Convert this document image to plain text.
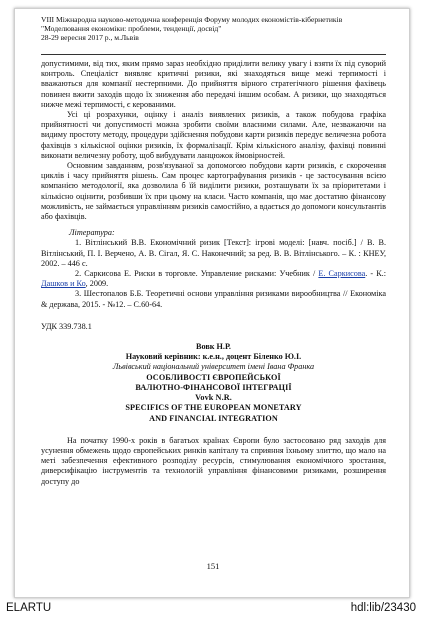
VIII Міжнародна науково-методична конференція Форуму молодих економістів-кібернетиків
"Моделювання економіки: проблеми, тенденції, досвід"
28-29 вересня 2017 р., м.Львів

допустимими, від тих, яким прямо зараз необхідно приділити велику увагу і взяти їх під суворий контроль. Спеціаліст виявляє критичні ризики, які знаходяться вище межі терпимості і вважаються для компанії нестерпними. До прийняття вірного стратегічного рішення фахівець повинен вжити заходів щодо їх зниження або передачі іншим особам. А ризики, що знаходяться нижче межі терпимості, є керованими.

Усі ці розрахунки, оцінку і аналіз виявлених ризиків, а також побудова графіка прийнятності чи допустимості можна зробити своїми власними силами. Але, незважаючи на видиму простоту методу, процедури здійснення побудови карти ризиків передує величезна робота фахівців з кількісної оцінки ризиків, їх формалізації. Крім кількісного аналізу, фахівці повинні виконати величезну роботу, щоб вибудувати ланцюжок ймовірностей.

Основним завданням, розв'язуваної за допомогою побудови карти ризиків, є скорочення циклів і часу прийняття рішень. Сам процес картографування ризиків - це застосування всією компанією методології, яка дозволила б їй виділити ризики, розташувати їх за пріоритетами і кількісно оцінити, розбивши їх при цьому на класи. Часто компанія, що має достатню фінансову можливість, не займається управлінням ризиків самостійно, а вдається до допомоги консультантів або фахівців.

Література:

1. Вітлінський В.В. Економічний ризик [Текст]: ігрові моделі: [навч. посіб.] / В. В. Вітлінський, П. І. Верчено, А. В. Сігал, Я. С. Наконечний; за ред. В. В. Вітлінського. – К. : КНЕУ, 2002. – 446 с.

2. Саркисова Е. Риски в торговле. Управление рисками: Учебник / Е. Саркисова. - К.: Дашков и Ко, 2009.

3. Шестопалов Б.Б. Теоретичні основи управління ризиками вирообництва // Економіка & держава, 2015. - №12. – С.60-64.

УДК 339.738.1

Вовк Н.Р.

Науковий керівник: к.е.н., доцент Біленко Ю.І.

Львівський національний університет імені Івана Франка

ОСОБЛИВОСТІ ЄВРОПЕЙСЬКОЇ

ВАЛЮТНО-ФІНАНСОВОЇ ІНТЕГРАЦІЇ

Vovk N.R.

SPECIFICS OF THE EUROPEAN MONETARY

AND FINANCIAL INTEGRATION

На початку 1990-х років в багатьох країнах Європи було застосовано ряд заходів для усунення обмежень щодо європейських ринків капіталу та сприяння їхньому злиттю, що мало на меті забезпечення ефективного розподілу ресурсів, стимулювання економічного зростання, диверсифікацію інструментів та технологій управління фінансовими ризиками, розширення доступу до

151
ELARTU	hdl:lib/23430
